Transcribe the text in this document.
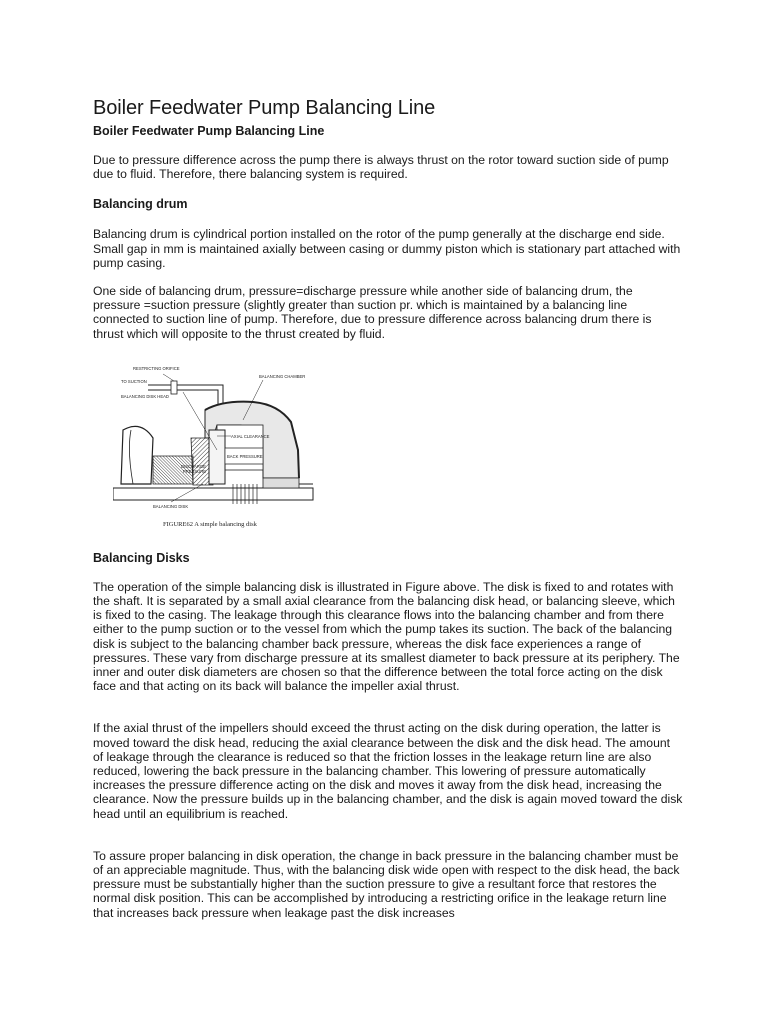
Boiler Feedwater Pump Balancing Line
Boiler Feedwater Pump Balancing Line

Due to pressure difference across the pump there is always thrust on the rotor toward suction side of pump due to fluid. Therefore, there balancing system is required.

Balancing drum

Balancing drum is cylindrical portion installed on the rotor of the pump generally at the discharge end side. Small gap in mm is maintained axially between casing or dummy piston which is stationary part attached with pump casing.

One side of balancing drum, pressure=discharge pressure while another side of balancing drum, the pressure =suction pressure (slightly greater than suction pr. which is maintained by a balancing line connected to suction line of pump. Therefore, due to pressure difference across balancing drum there is thrust which will opposite to the thrust created by fluid.

Balancing Disks

The operation of the simple balancing disk is illustrated in Figure above. The disk is fixed to and rotates with the shaft. It is separated by a small axial clearance from the balancing disk head, or balancing sleeve, which is fixed to the casing. The leakage through this clearance flows into the balancing chamber and from there either to the pump suction or to the vessel from which the pump takes its suction. The back of the balancing disk is subject to the balancing chamber back pressure, whereas the disk face experiences a range of pressures. These vary from discharge pressure at its smallest diameter to back pressure at its periphery. The inner and outer disk diameters are chosen so that the difference between the total force acting on the disk face and that acting on its back will balance the impeller axial thrust.

If the axial thrust of the impellers should exceed the thrust acting on the disk during operation, the latter is moved toward the disk head, reducing the axial clearance between the disk and the disk head. The amount of leakage through the clearance is reduced so that the friction losses in the leakage return line are also reduced, lowering the back pressure in the balancing chamber. This lowering of pressure automatically increases the pressure difference acting on the disk and moves it away from the disk head, increasing the clearance. Now the pressure builds up in the balancing chamber, and the disk is again moved toward the disk head until an equilibrium is reached.

To assure proper balancing in disk operation, the change in back pressure in the balancing chamber must be of an appreciable magnitude. Thus, with the balancing disk wide open with respect to the disk head, the back pressure must be substantially higher than the suction pressure to give a resultant force that restores the normal disk position. This can be accomplished by introducing a restricting orifice in the leakage return line that increases back pressure when leakage past the disk increases

RESTRICTING ORIFICE
TO SUCTION
BALANCING CHAMBER
BALANCING DISK HEAD
AXIAL CLEARANCE
BACK PRESSURE
DISCHARGE
PRESSURE
BALANCING DISK
FIGURE62 A simple balancing disk
